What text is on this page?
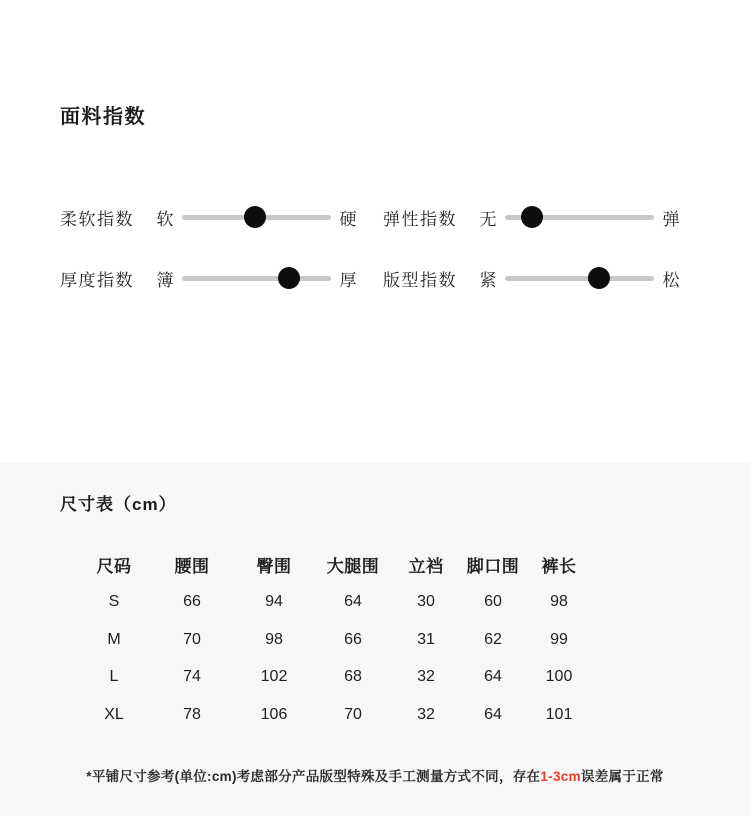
面料指数
柔软指数	软	硬 弹性指数	无	弹
厚度指数	簿	厚 版型指数	紧	松
尺寸表（cm）
尺码	腰围	臀围	大腿围	立裆	脚口围	裤长
S	66	94	64	30	60	98
M	70	98	66	31	62	99
L	74	102	68	32	64	100
XL	78	106	70	32	64	101
*平铺尺寸参考(单位:cm)考虑部分产品版型特殊及手工测量方式不同，存在1-3cm误差属于正常
